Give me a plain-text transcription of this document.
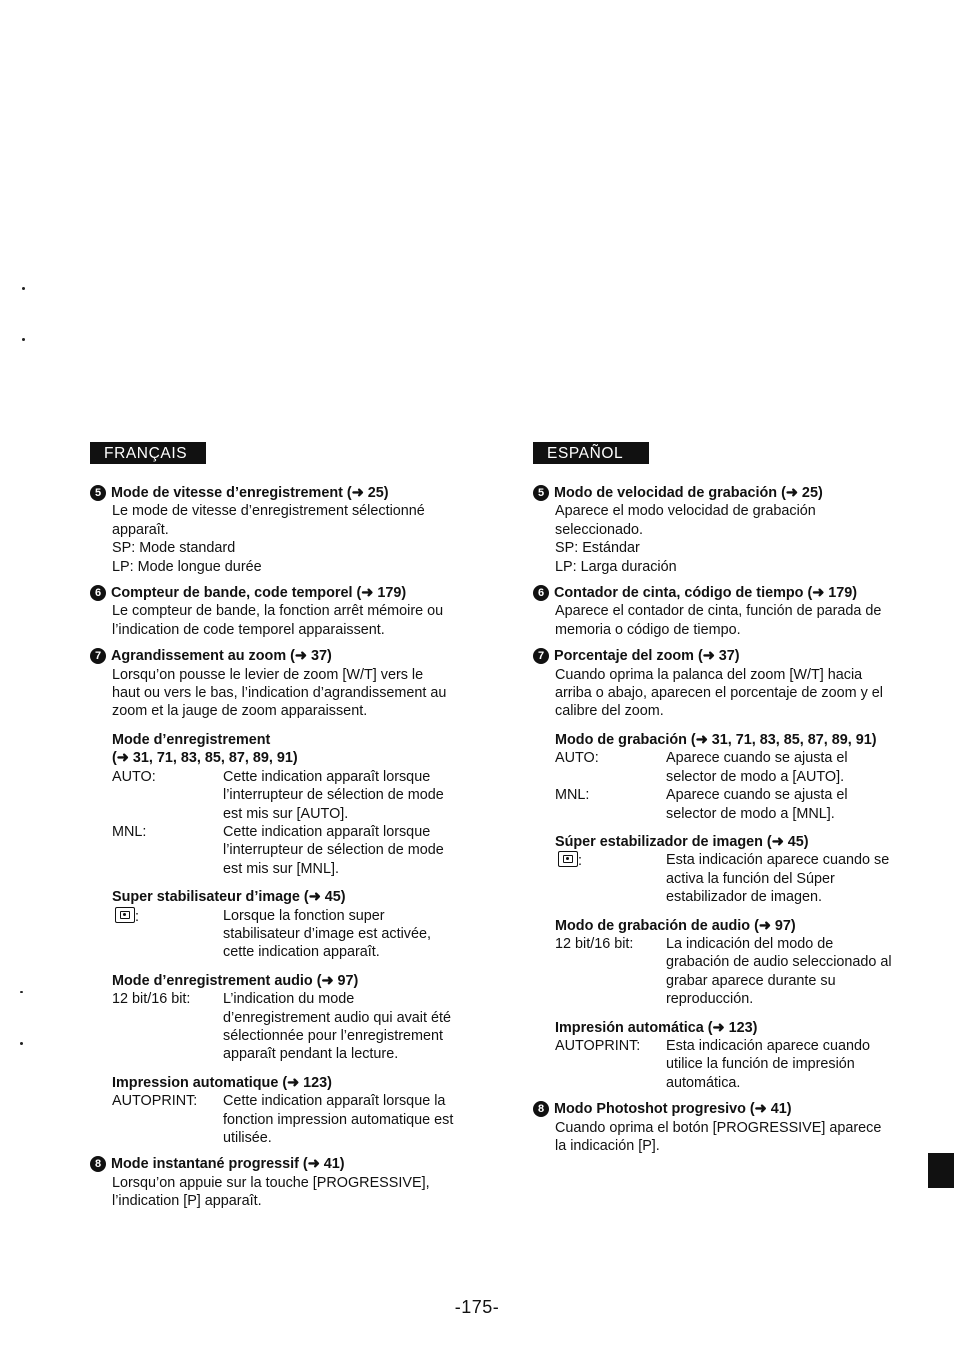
FRANÇAIS
5 Mode de vitesse d’enregistrement (➜ 25)

Le mode de vitesse d’enregistrement sélectionné

apparaît.

SP: Mode standard

LP: Mode longue durée

6 Compteur de bande, code temporel (➜ 179)

Le compteur de bande, la fonction arrêt mémoire ou

l’indication de code temporel apparaissent.

7 Agrandissement au zoom (➜ 37)

Lorsqu’on pousse le levier de zoom [W/T] vers le

haut ou vers le bas, l’indication d’agrandissement au

zoom et la jauge de zoom apparaissent.

Mode d’enregistrement
(➜ 31, 71, 83, 85, 87, 89, 91)
AUTO:	Cette indication apparaît lorsque
l’interrupteur de sélection de mode
est mis sur [AUTO].
MNL:	Cette indication apparaît lorsque
l’interrupteur de sélection de mode
est mis sur [MNL].
Super stabilisateur d’image (➜ 45)
:	Lorsque la fonction super
stabilisateur d’image est activée,
cette indication apparaît.
Mode d’enregistrement audio (➜ 97)
12 bit/16 bit:	L’indication du mode
d’enregistrement audio qui avait été
sélectionnée pour l’enregistrement
apparaît pendant la lecture.
Impression automatique (➜ 123)
AUTOPRINT:	Cette indication apparaît lorsque la
fonction impression automatique est
utilisée.
8 Mode instantané progressif (➜ 41)

Lorsqu’on appuie sur la touche [PROGRESSIVE],

l’indication [P] apparaît.

ESPAÑOL
5 Modo de velocidad de grabación (➜ 25)

Aparece el modo velocidad de grabación

seleccionado.

SP: Estándar

LP: Larga duración

6 Contador de cinta, código de tiempo (➜ 179)

Aparece el contador de cinta, función de parada de

memoria o código de tiempo.

7 Porcentaje del zoom (➜ 37)

Cuando oprima la palanca del zoom [W/T] hacia

arriba o abajo, aparecen el porcentaje de zoom y el

calibre del zoom.

Modo de grabación (➜ 31, 71, 83, 85, 87, 89, 91)
AUTO:	Aparece cuando se ajusta el
selector de modo a [AUTO].
MNL:	Aparece cuando se ajusta el
selector de modo a [MNL].
Súper estabilizador de imagen (➜ 45)
:	Esta indicación aparece cuando se
activa la función del Súper
estabilizador de imagen.
Modo de grabación de audio (➜ 97)
12 bit/16 bit:	La indicación del modo de
grabación de audio seleccionado al
grabar aparece durante su
reproducción.
Impresión automática (➜ 123)
AUTOPRINT:	Esta indicación aparece cuando
utilice la función de impresión
automática.
8 Modo Photoshot progresivo (➜ 41)

Cuando oprima el botón [PROGRESSIVE] aparece

la indicación [P].

-175-
